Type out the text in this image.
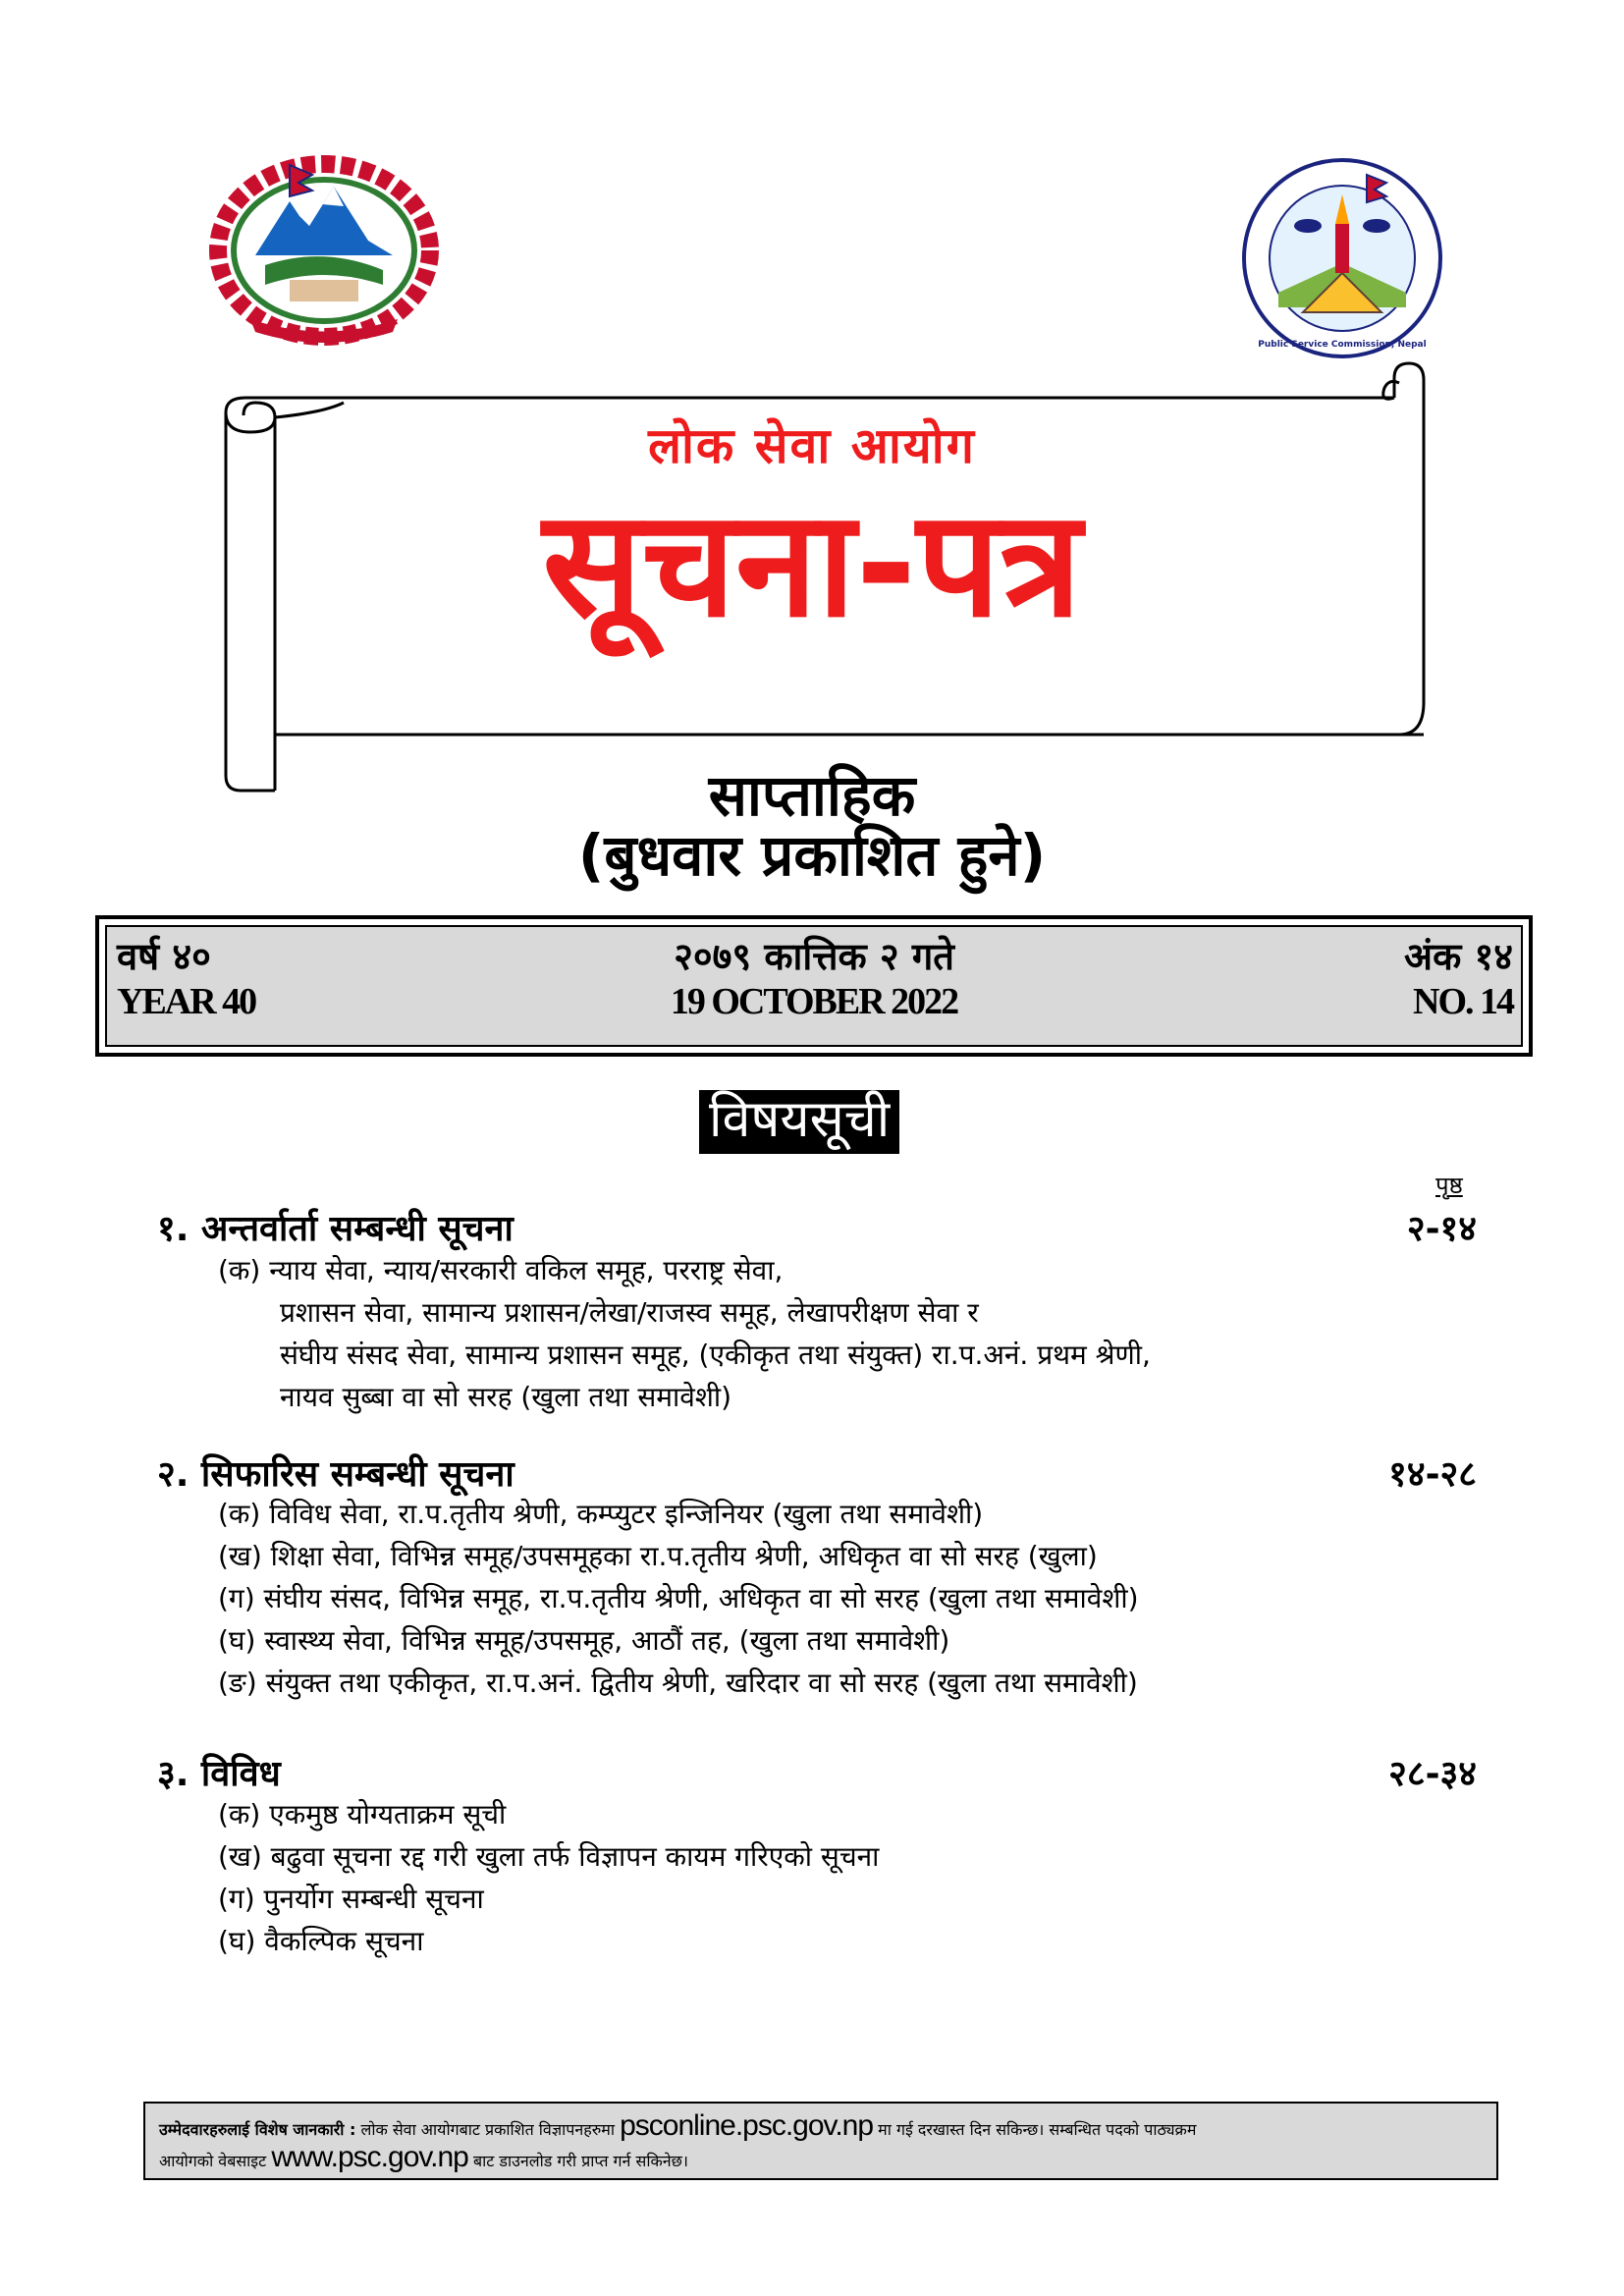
Public Service Commission, Nepal
लोक सेवा आयोग
सूचना-पत्र
साप्ताहिक
(बुधवार प्रकाशित हुने)
वर्ष ४०
YEAR 40
२०७९ कात्तिक २ गते
19 OCTOBER 2022
अंक १४
NO. 14
विषयसूची
पृष्ठ
१. अन्तर्वार्ता सम्बन्धी सूचना	२-१४
(क) न्याय सेवा, न्याय/सरकारी वकिल समूह, परराष्ट्र सेवा,
प्रशासन सेवा, सामान्य प्रशासन/लेखा/राजस्व समूह, लेखापरीक्षण सेवा र
संघीय संसद सेवा, सामान्य प्रशासन समूह, (एकीकृत तथा संयुक्त) रा.प.अनं. प्रथम श्रेणी,
नायव सुब्बा वा सो सरह (खुला तथा समावेशी)
२. सिफारिस सम्बन्धी सूचना	१४-२८
(क) विविध सेवा, रा.प.तृतीय श्रेणी, कम्प्युटर इन्जिनियर (खुला तथा समावेशी)
(ख) शिक्षा सेवा, विभिन्न समूह/उपसमूहका रा.प.तृतीय श्रेणी, अधिकृत वा सो सरह (खुला)
(ग) संघीय संसद, विभिन्न समूह, रा.प.तृतीय श्रेणी, अधिकृत वा सो सरह (खुला तथा समावेशी)
(घ) स्वास्थ्य सेवा, विभिन्न समूह/उपसमूह, आठौं तह, (खुला तथा समावेशी)
(ङ) संयुक्त तथा एकीकृत, रा.प.अनं. द्वितीय श्रेणी, खरिदार वा सो सरह (खुला तथा समावेशी)
३. विविध	२८-३४
(क) एकमुष्ठ योग्यताक्रम सूची
(ख) बढुवा सूचना रद्द गरी खुला तर्फ विज्ञापन कायम गरिएको सूचना
(ग) पुनर्योग सम्बन्धी सूचना
(घ) वैकल्पिक सूचना
उम्मेदवारहरुलाई विशेष जानकारी : लोक सेवा आयोगबाट प्रकाशित विज्ञापनहरुमा psconline.psc.gov.np मा गई दरखास्त दिन सकिन्छ। सम्बन्धित पदको पाठ्यक्रम
आयोगको वेबसाइट www.psc.gov.np बाट डाउनलोड गरी प्राप्त गर्न सकिनेछ।
